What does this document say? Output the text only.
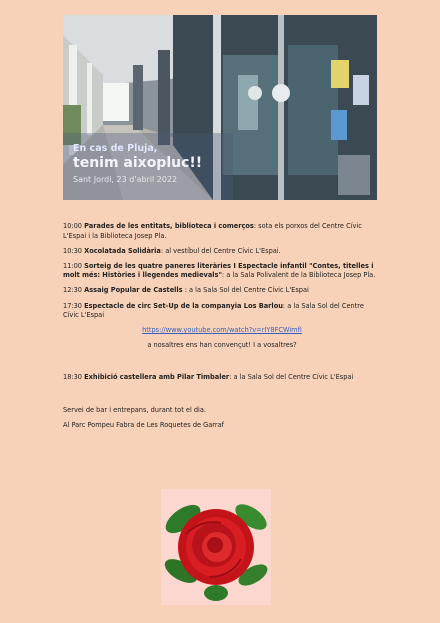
En cas de Pluja,
tenim aixopluc!!
Sant Jordi, 23 d'abril 2022
10:00 Parades de les entitats, biblioteca i comerços: sota els porxos del Centre Cívic L'Espai i la Biblioteca Josep Pla.
10:30 Xocolatada Solidària: al vestíbul del Centre Cívic L'Espai.
11:00 Sorteig de les quatre paneres literàries I Espectacle infantil "Contes, titelles i molt més: Històries i llegendes medievals": a la Sala Polivalent de la Biblioteca Josep Pla.
12:30 Assaig Popular de Castells : a la Sala Sol del Centre Cívic L'Espai
17:30 Espectacle de circ Set-Up de la companyia Los Barlou: a la Sala Sol del Centre Cívic L'Espai
https://www.youtube.com/watch?v=rIY8FCWimfI
a nosaltres ens han convençut! I a vosaltres?
18:30 Exhibició castellera amb Pilar Timbaler: a la Sala Sol del Centre Cívic L'Espai
Servei de bar i entrepans, durant tot el dia.
Al Parc Pompeu Fabra de Les Roquetes de Garraf
